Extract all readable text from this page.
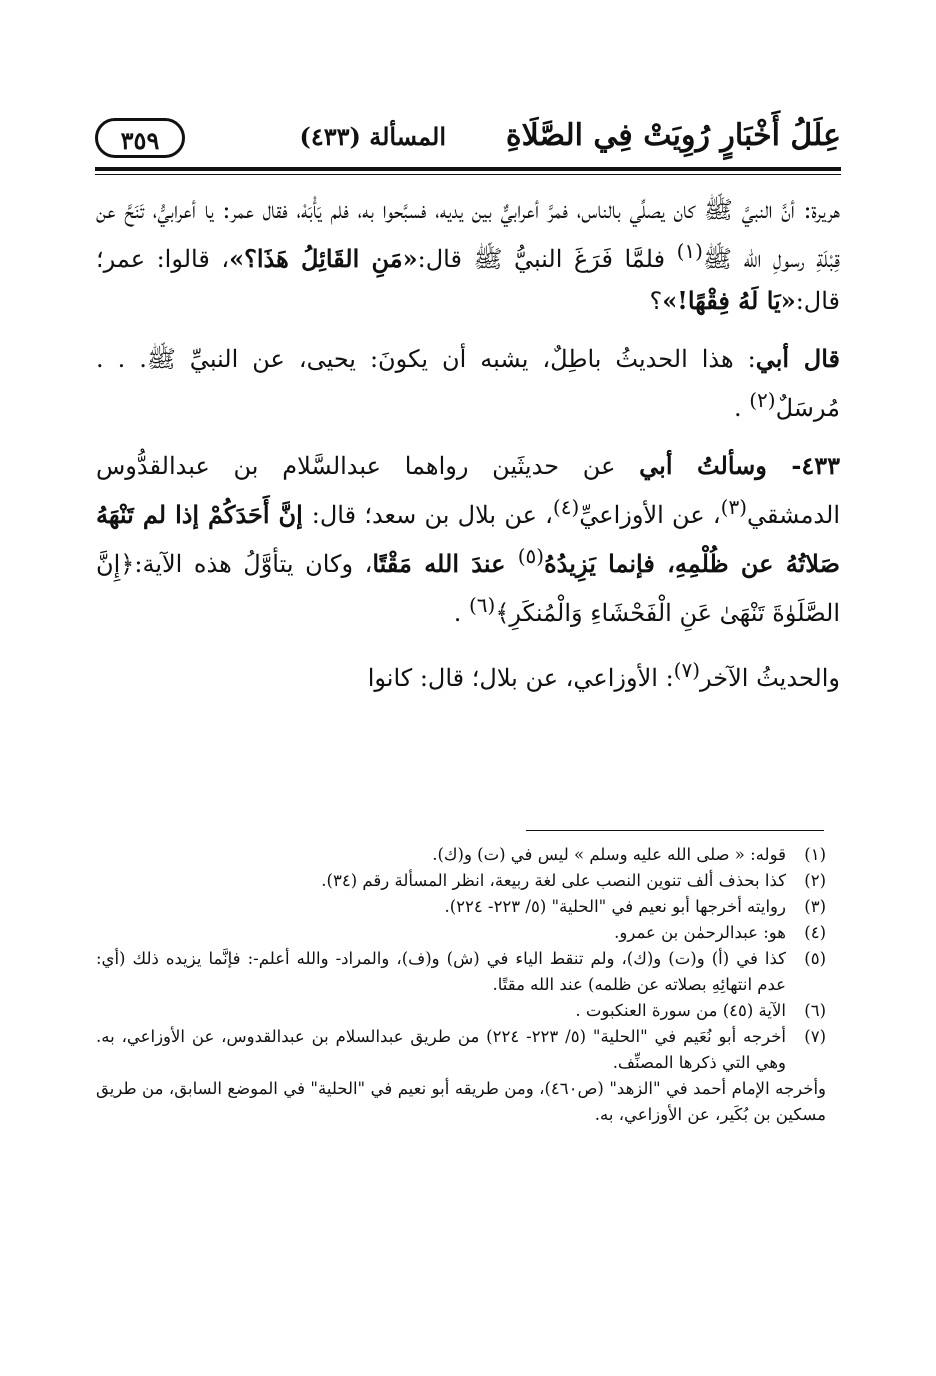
عِلَلُ أَخْبَارٍ رُوِيَتْ فِي الصَّلَاةِ
المسألة (٤٣٣)
٣٥٩

هريرة: أنَّ النبيَّ ﷺ كان يصلِّي بالناس، فمرَّ أعرابيٌّ بين يديه، فسبَّحوا به، فلم يَأْبَهْ، فقال عمر: يا أعرابيُّ، تَنَحَّ عن قِبْلَةِ رسولِ الله ﷺ$^{(١)}$ فلمَّا فَرَغَ النبيُّ ﷺ قال:«مَنِ القَائِلُ هَذَا؟»، قالوا: عمر؛ قال:«يَا لَهُ فِقْهًا!»؟

قال أبي: هذا الحديثُ باطِلٌ، يشبه أن يكونَ: يحيى، عن النبيِّ ﷺ. . . مُرسَلٌ$^{(٢)}$ .

٤٣٣- وسألتُ أبي عن حديثَين رواهما عبدالسَّلام بن عبدالقدُّوس الدمشقي$^{(٣)}$، عن الأوزاعيِّ$^{(٤)}$، عن بلال بن سعد؛ قال: إنَّ أَحَدَكُمْ إذا لم تَنْهَهُ صَلاتُهُ عن ظُلْمِهِ، فإنما يَزِيدُهُ$^{(٥)}$ عندَ الله مَقْتًا، وكان يتأوَّلُ هذه الآية:﴿إِنَّ الصَّلَوٰةَ تَنْهَىٰ عَنِ الْفَحْشَاءِ وَالْمُنكَرِ﴾$^{(٦)}$ .

والحديثُ الآخر$^{(٧)}$: الأوزاعي، عن بلال؛ قال: كانوا

(١)
قوله: « صلى الله عليه وسلم » ليس في (ت) و(ك).
(٢)
كذا بحذف ألف تنوين النصب على لغة ربيعة، انظر المسألة رقم (٣٤).
(٣)
روايته أخرجها أبو نعيم في "الحلية" (٥/ ٢٢٣- ٢٢٤).
(٤)
هو: عبدالرحمٰن بن عمرو.
(٥)
كذا في (أ) و(ت) و(ك)، ولم تنقط الياء في (ش) و(ف)، والمراد- والله أعلم-: فإنَّما يزيده ذلك (أي: عدم انتهائِهِ بصلاته عن ظلمه) عند الله مقتًا.
(٦)
الآية (٤٥) من سورة العنكبوت .
(٧)
أخرجه أبو نُعَيم في "الحلية" (٥/ ٢٢٣- ٢٢٤) من طريق عبدالسلام بن عبدالقدوس، عن الأوزاعي، به. وهي التي ذكرها المصنِّف.
وأخرجه الإمام أحمد في "الزهد" (ص٤٦٠)، ومن طريقه أبو نعيم في "الحلية" في الموضع السابق، من طريق مسكين بن بُكَير، عن الأوزاعي، به.
